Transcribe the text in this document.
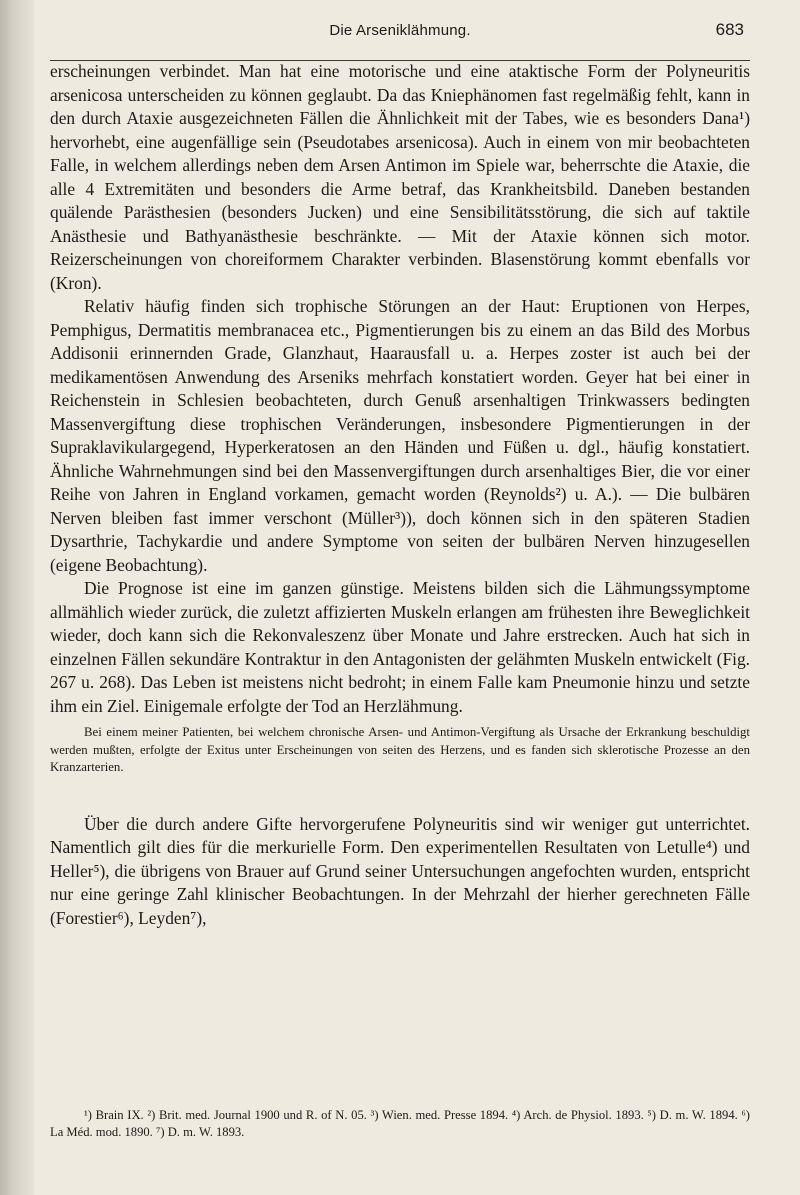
Die Arseniklähmung.	683

erscheinungen verbindet. Man hat eine motorische und eine ataktische Form der Polyneuritis arsenicosa unterscheiden zu können geglaubt. Da das Kniephänomen fast regelmäßig fehlt, kann in den durch Ataxie ausgezeichneten Fällen die Ähnlichkeit mit der Tabes, wie es besonders Dana¹) hervorhebt, eine augenfällige sein (Pseudotabes arsenicosa). Auch in einem von mir beobachteten Falle, in welchem allerdings neben dem Arsen Antimon im Spiele war, beherrschte die Ataxie, die alle 4 Extremitäten und besonders die Arme betraf, das Krankheitsbild. Daneben bestanden quälende Parästhesien (besonders Jucken) und eine Sensibilitätsstörung, die sich auf taktile Anästhesie und Bathyanästhesie beschränkte. — Mit der Ataxie können sich motor. Reizerscheinungen von choreiformem Charakter verbinden. Blasenstörung kommt ebenfalls vor (Kron).

Relativ häufig finden sich trophische Störungen an der Haut: Eruptionen von Herpes, Pemphigus, Dermatitis membranacea etc., Pigmentierungen bis zu einem an das Bild des Morbus Addisonii erinnernden Grade, Glanzhaut, Haarausfall u. a. Herpes zoster ist auch bei der medikamentösen Anwendung des Arseniks mehrfach konstatiert worden. Geyer hat bei einer in Reichenstein in Schlesien beobachteten, durch Genuß arsenhaltigen Trinkwassers bedingten Massenvergiftung diese trophischen Veränderungen, insbesondere Pigmentierungen in der Supraklavikulargegend, Hyperkeratosen an den Händen und Füßen u. dgl., häufig konstatiert. Ähnliche Wahrnehmungen sind bei den Massenvergiftungen durch arsenhaltiges Bier, die vor einer Reihe von Jahren in England vorkamen, gemacht worden (Reynolds²) u. A.). — Die bulbären Nerven bleiben fast immer verschont (Müller³)), doch können sich in den späteren Stadien Dysarthrie, Tachykardie und andere Symptome von seiten der bulbären Nerven hinzugesellen (eigene Beobachtung).

Die Prognose ist eine im ganzen günstige. Meistens bilden sich die Lähmungssymptome allmählich wieder zurück, die zuletzt affizierten Muskeln erlangen am frühesten ihre Beweglichkeit wieder, doch kann sich die Rekonvaleszenz über Monate und Jahre erstrecken. Auch hat sich in einzelnen Fällen sekundäre Kontraktur in den Antagonisten der gelähmten Muskeln entwickelt (Fig. 267 u. 268). Das Leben ist meistens nicht bedroht; in einem Falle kam Pneumonie hinzu und setzte ihm ein Ziel. Einigemale erfolgte der Tod an Herzlähmung.

Bei einem meiner Patienten, bei welchem chronische Arsen- und Antimon-Vergiftung als Ursache der Erkrankung beschuldigt werden mußten, erfolgte der Exitus unter Erscheinungen von seiten des Herzens, und es fanden sich sklerotische Prozesse an den Kranzarterien.

Über die durch andere Gifte hervorgerufene Polyneuritis sind wir weniger gut unterrichtet. Namentlich gilt dies für die merkurielle Form. Den experimentellen Resultaten von Letulle⁴) und Heller⁵), die übrigens von Brauer auf Grund seiner Untersuchungen angefochten wurden, entspricht nur eine geringe Zahl klinischer Beobachtungen. In der Mehrzahl der hierher gerechneten Fälle (Forestier⁶), Leyden⁷),

¹) Brain IX. ²) Brit. med. Journal 1900 und R. of N. 05. ³) Wien. med. Presse 1894. ⁴) Arch. de Physiol. 1893. ⁵) D. m. W. 1894. ⁶) La Méd. mod. 1890. ⁷) D. m. W. 1893.
